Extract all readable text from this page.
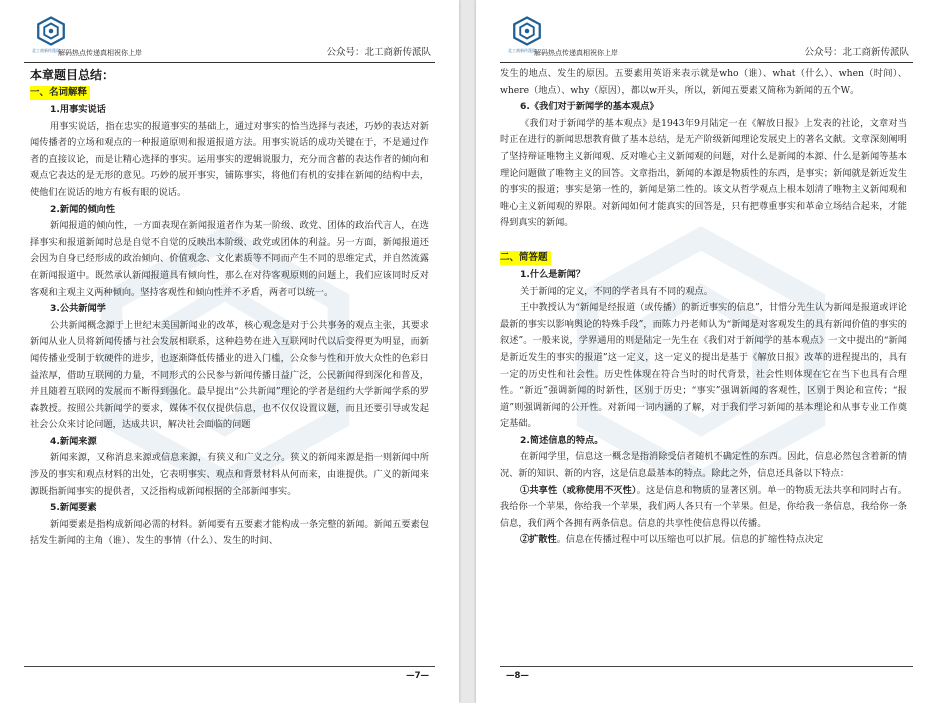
北工商新传派队
解码热点传递真相祝你上岸	公众号：北工商新传派队

本章题目总结：

一、名词解释

1.用事实说话

用事实说话，指在忠实的报道事实的基础上，通过对事实的恰当选择与表述，巧妙的表达对新闻传播者的立场和观点的一种报道原则和报道报道方法。用事实说话的成功关键在于，不是通过作者的直接议论，而是让精心选择的事实。运用事实的逻辑说服力，充分而含蓄的表达作者的倾向和观点它表达的是无形的意见。巧妙的展开事实，铺陈事实，将他们有机的安排在新闻的结构中去，使他们在说话的地方有板有眼的说话。

2.新闻的倾向性

新闻报道的倾向性，一方面表现在新闻报道者作为某一阶级、政党、团体的政治代言人，在选择事实和报道新闻时总是自觉不自觉的反映出本阶级、政党或团体的利益。另一方面，新闻报道还会因为自身已经形成的政治倾向、价值观念、文化素质等不同而产生不同的思维定式，并自然流露在新闻报道中。既然承认新闻报道具有倾向性，那么在对待客观原则的问题上，我们应该同时反对客观和主观主义两种倾向。坚持客观性和倾向性并不矛盾，两者可以统一。

3.公共新闻学

公共新闻概念源于上世纪末美国新闻业的改革，核心观念是对于公共事务的观点主张，其要求新闻从业人员将新闻传播与社会发展相联系，这种趋势在进入互联网时代以后变得更为明显，而新闻传播业受制于软硬件的进步，也逐渐降低传播业的进入门槛，公众参与性和开放大众性的色彩日益浓厚，借助互联网的力量，不同形式的公民参与新闻传播日益广泛，公民新闻得到深化和普及，并且随着互联网的发展而不断得到强化。最早提出“公共新闻”理论的学者是纽约大学新闻学系的罗森教授。按照公共新闻学的要求，媒体不仅仅提供信息，也不仅仅设置议题，而且还要引导或发起社会公众来讨论问题，达成共识，解决社会面临的问题

4.新闻来源

新闻来源，又称消息来源或信息来源，有狭义和广义之分。狭义的新闻来源是指一则新闻中所涉及的事实和观点材料的出处，它表明事实、观点和背景材料从何而来，由谁提供。广义的新闻来源既指新闻事实的提供者，又泛指构成新闻根据的全部新闻事实。

5.新闻要素

新闻要素是指构成新闻必需的材料。新闻要有五要素才能构成一条完整的新闻。新闻五要素包括发生新闻的主角（谁）、发生的事情（什么）、发生的时间、

—7—
北工商新传派队
解码热点传递真相祝你上岸	公众号：北工商新传派队

发生的地点、发生的原因。五要素用英语来表示就是who（谁）、what（什么）、when（时间）、where（地点）、why（原因），都以w开头，所以，新闻五要素又简称为新闻的五个W。

6.《我们对于新闻学的基本观点》

《我们对于新闻学的基本观点》是1943年9月陆定一在《解放日报》上发表的社论，文章对当时正在进行的新闻思想教育做了基本总结，是无产阶级新闻理论发展史上的著名文献。文章深刻阐明了坚持辩证唯物主义新闻观、反对唯心主义新闻观的问题，对什么是新闻的本源、什么是新闻等基本理论问题做了唯物主义的回答。文章指出，新闻的本源是物质性的东西，是事实；新闻就是新近发生的事实的报道；事实是第一性的，新闻是第二性的。该文从哲学观点上根本划清了唯物主义新闻观和唯心主义新闻观的界限。对新闻如何才能真实的回答是，只有把尊重事实和革命立场结合起来，才能得到真实的新闻。

二、简答题

1.什么是新闻？

关于新闻的定义，不同的学者具有不同的观点。

王中教授认为“新闻是经报道（或传播）的新近事实的信息”，甘惜分先生认为新闻是报道或评论最新的事实以影响舆论的特殊手段”，而陈力丹老师认为“新闻是对客观发生的具有新闻价值的事实的叙述”。一般来说，学界通用的则是陆定一先生在《我们对于新闻学的基本观点》一文中提出的“新闻是新近发生的事实的报道”这一定义，这一定义的提出是基于《解放日报》改革的进程提出的，具有一定的历史性和社会性。历史性体现在符合当时的时代背景，社会性则体现在它在当下也具有合理性。“新近”强调新闻的时新性，区别于历史；“事实”强调新闻的客观性，区别于舆论和宣传；“报道”则强调新闻的公开性。对新闻一词内涵的了解，对于我们学习新闻的基本理论和从事专业工作奠定基础。

2.简述信息的特点。

在新闻学里，信息这一概念是指消除受信者随机不确定性的东西。因此，信息必然包含着新的情况、新的知识、新的内容，这是信息最基本的特点。除此之外，信息还具备以下特点：

①共享性（或称使用不灭性）。这是信息和物质的显著区别。单一的物质无法共享和同时占有。我给你一个苹果，你给我一个苹果，我们两人各只有一个苹果。但是，你给我一条信息，我给你一条信息，我们两个各拥有两条信息。信息的共享性使信息得以传播。

②扩散性。信息在传播过程中可以压缩也可以扩展。信息的扩缩性特点决定

—8—
